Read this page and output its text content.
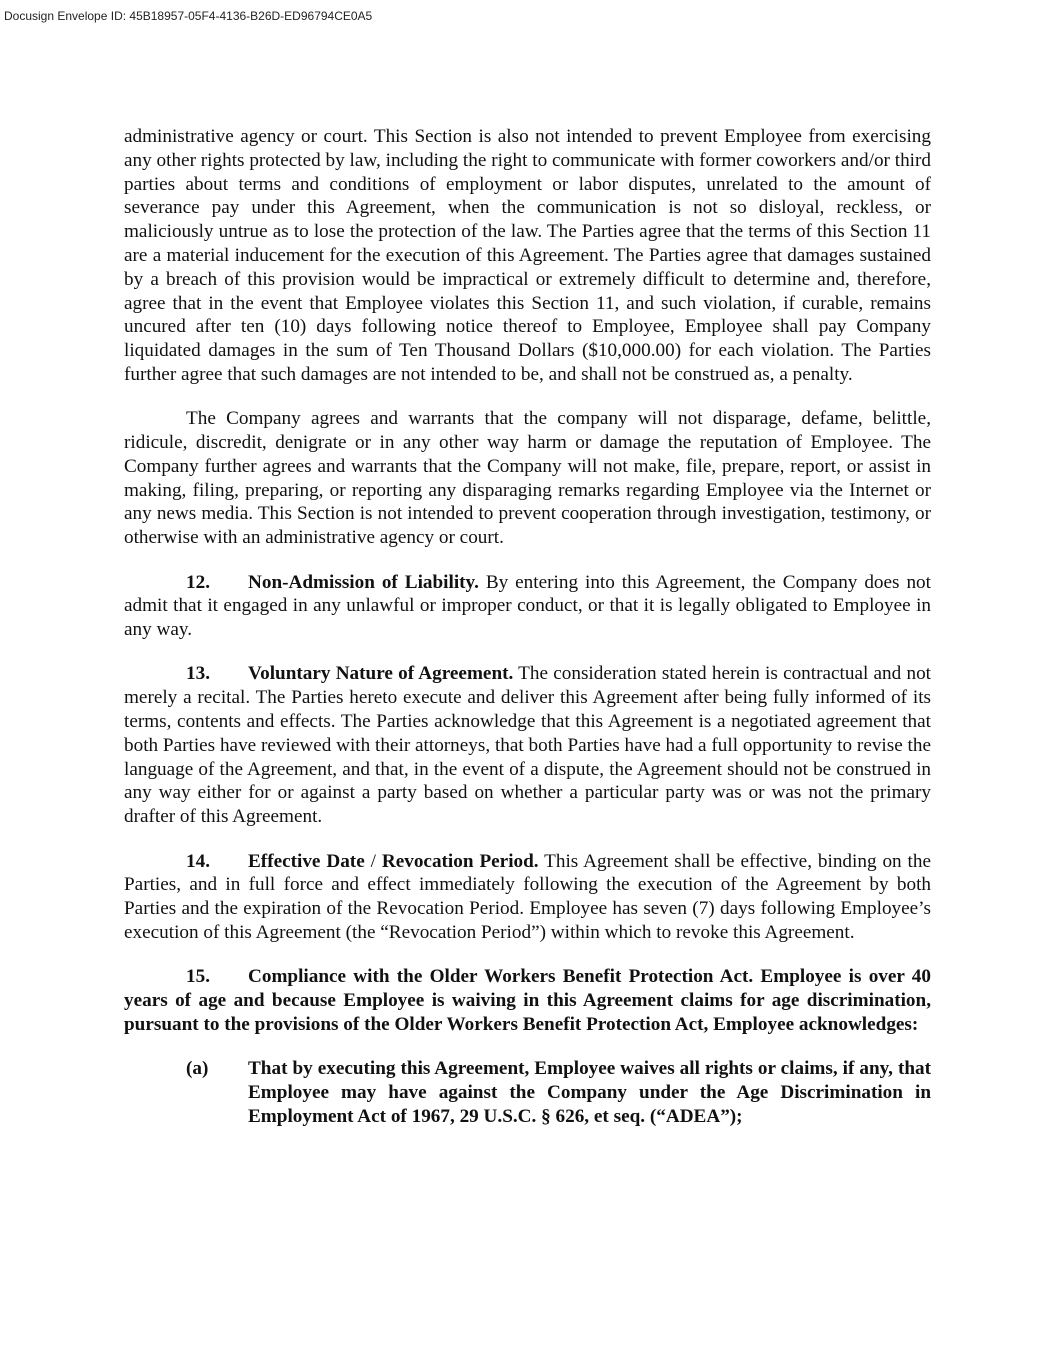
Docusign Envelope ID: 45B18957-05F4-4136-B26D-ED96794CE0A5

administrative agency or court. This Section is also not intended to prevent Employee from exercising any other rights protected by law, including the right to communicate with former coworkers and/or third parties about terms and conditions of employment or labor disputes, unrelated to the amount of severance pay under this Agreement, when the communication is not so disloyal, reckless, or maliciously untrue as to lose the protection of the law. The Parties agree that the terms of this Section 11 are a material inducement for the execution of this Agreement. The Parties agree that damages sustained by a breach of this provision would be impractical or extremely difficult to determine and, therefore, agree that in the event that Employee violates this Section 11, and such violation, if curable, remains uncured after ten (10) days following notice thereof to Employee, Employee shall pay Company liquidated damages in the sum of Ten Thousand Dollars ($10,000.00) for each violation. The Parties further agree that such damages are not intended to be, and shall not be construed as, a penalty.

The Company agrees and warrants that the company will not disparage, defame, belittle, ridicule, discredit, denigrate or in any other way harm or damage the reputation of Employee. The Company further agrees and warrants that the Company will not make, file, prepare, report, or assist in making, filing, preparing, or reporting any disparaging remarks regarding Employee via the Internet or any news media. This Section is not intended to prevent cooperation through investigation, testimony, or otherwise with an administrative agency or court.

12. Non-Admission of Liability. By entering into this Agreement, the Company does not admit that it engaged in any unlawful or improper conduct, or that it is legally obligated to Employee in any way.

13. Voluntary Nature of Agreement. The consideration stated herein is contractual and not merely a recital. The Parties hereto execute and deliver this Agreement after being fully informed of its terms, contents and effects. The Parties acknowledge that this Agreement is a negotiated agreement that both Parties have reviewed with their attorneys, that both Parties have had a full opportunity to revise the language of the Agreement, and that, in the event of a dispute, the Agreement should not be construed in any way either for or against a party based on whether a particular party was or was not the primary drafter of this Agreement.

14. Effective Date / Revocation Period. This Agreement shall be effective, binding on the Parties, and in full force and effect immediately following the execution of the Agreement by both Parties and the expiration of the Revocation Period. Employee has seven (7) days following Employee’s execution of this Agreement (the “Revocation Period”) within which to revoke this Agreement.

15. Compliance with the Older Workers Benefit Protection Act. Employee is over 40 years of age and because Employee is waiving in this Agreement claims for age discrimination, pursuant to the provisions of the Older Workers Benefit Protection Act, Employee acknowledges:

(a) That by executing this Agreement, Employee waives all rights or claims, if any, that Employee may have against the Company under the Age Discrimination in Employment Act of 1967, 29 U.S.C. § 626, et seq. (“ADEA”);
